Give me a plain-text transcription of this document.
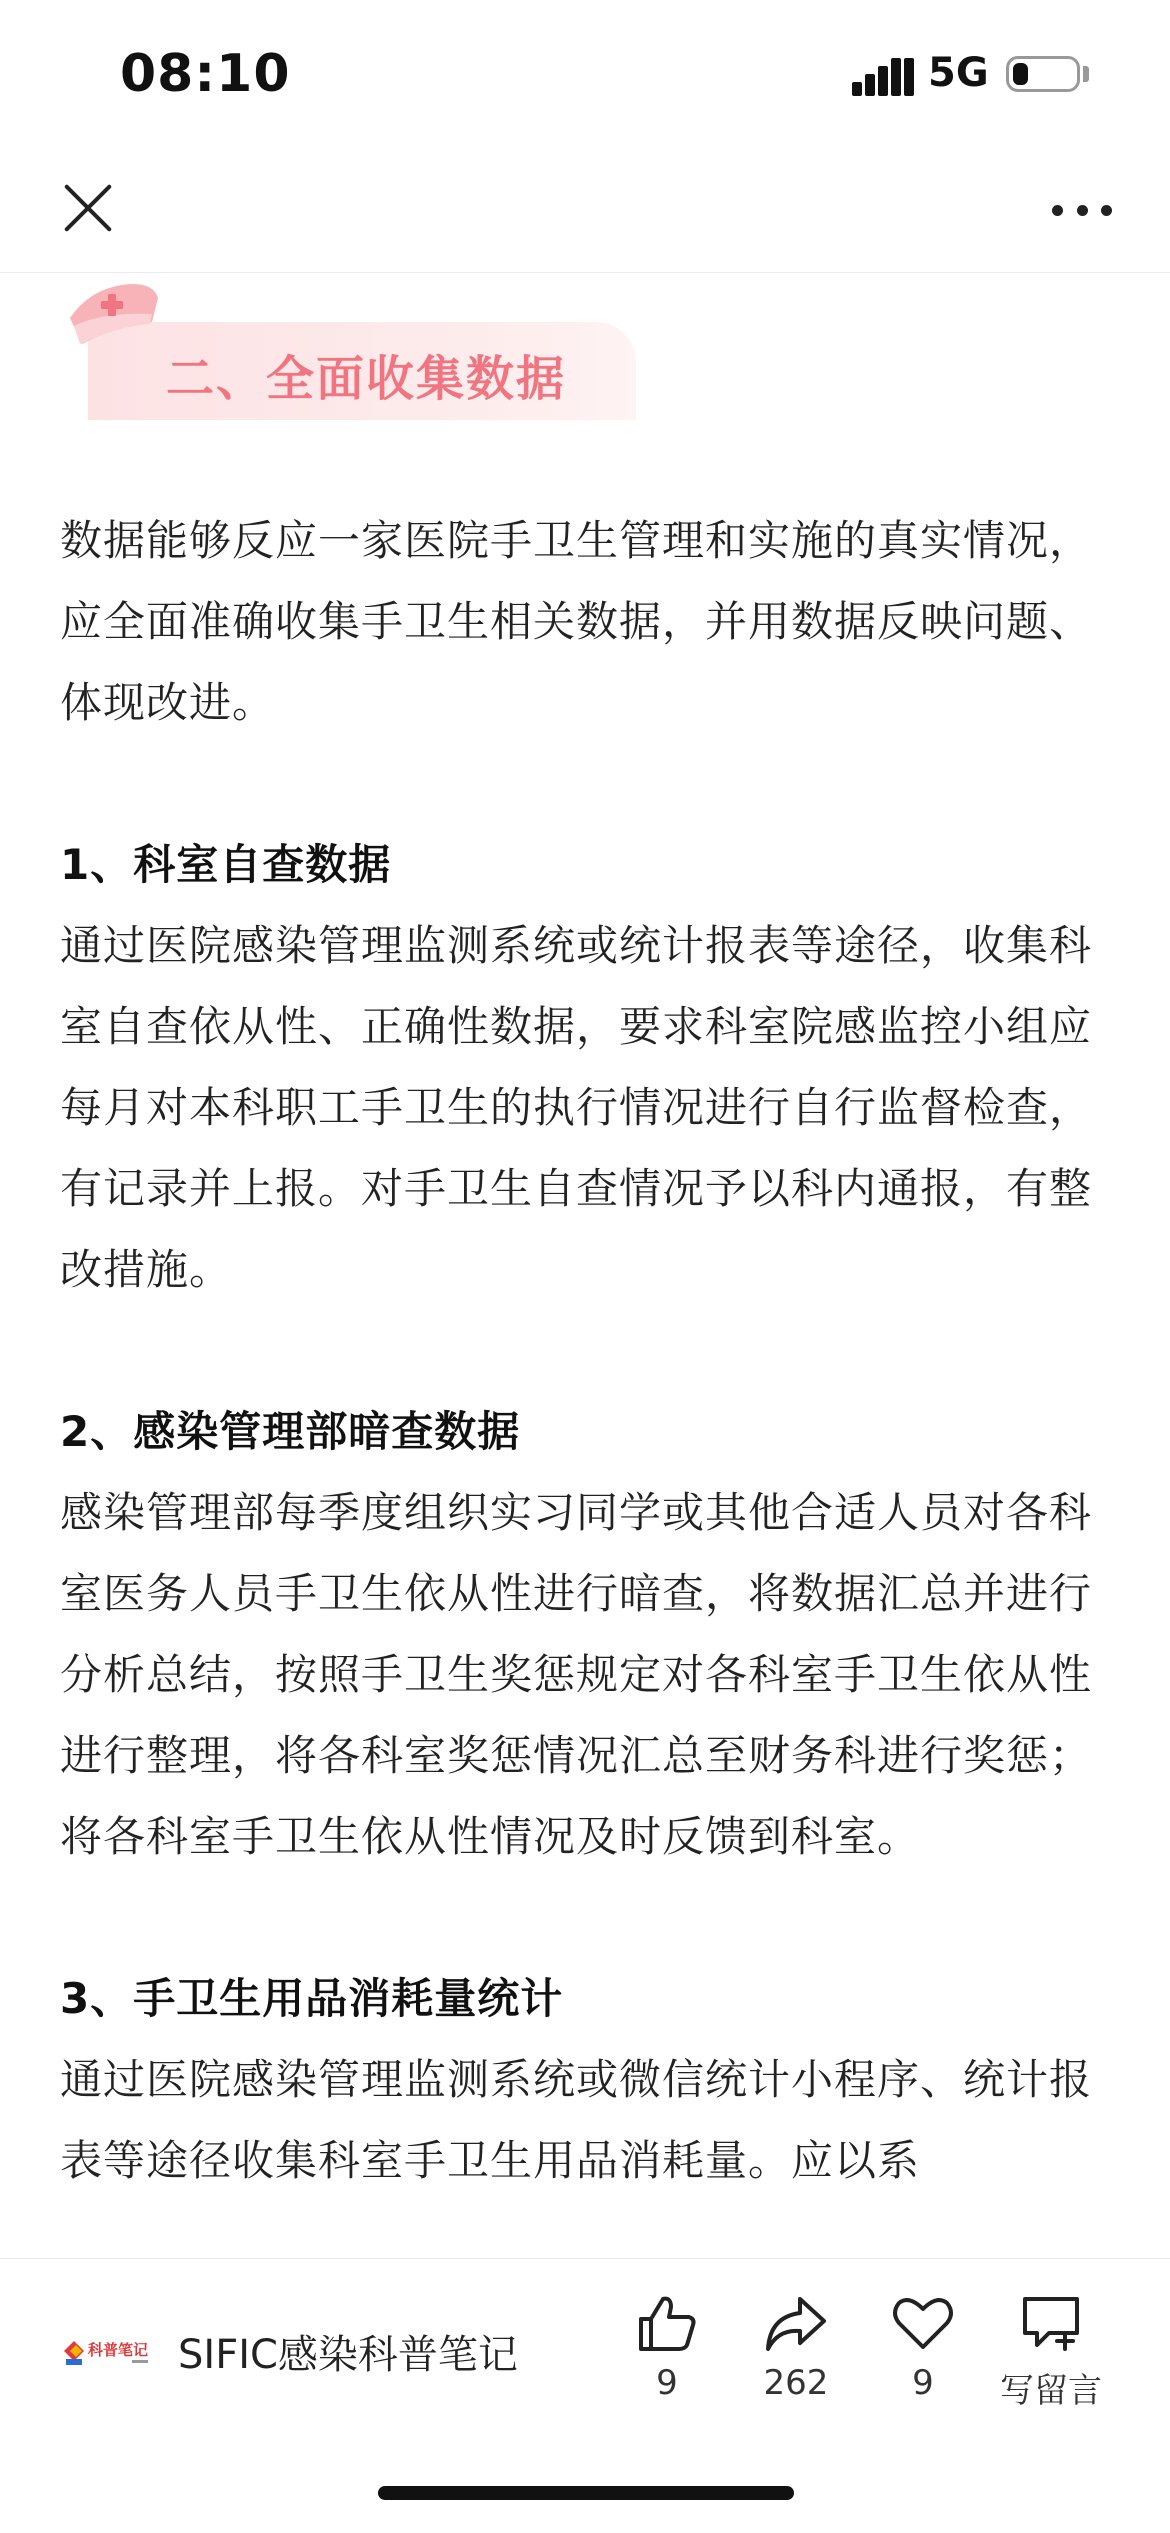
08:10	5G
二、全面收集数据

数据能够反应一家医院手卫生管理和实施的真实情况，应全面准确收集手卫生相关数据，并用数据反映问题、体现改进。

1、科室自查数据

通过医院感染管理监测系统或统计报表等途径，收集科室自查依从性、正确性数据，要求科室院感监控小组应每月对本科职工手卫生的执行情况进行自行监督检查，有记录并上报。对手卫生自查情况予以科内通报，有整改措施。

2、感染管理部暗查数据

感染管理部每季度组织实习同学或其他合适人员对各科室医务人员手卫生依从性进行暗查，将数据汇总并进行分析总结，按照手卫生奖惩规定对各科室手卫生依从性进行整理，将各科室奖惩情况汇总至财务科进行奖惩；将各科室手卫生依从性情况及时反馈到科室。

3、手卫生用品消耗量统计

通过医院感染管理监测系统或微信统计小程序、统计报表等途径收集科室手卫生用品消耗量。应以系

科普笔记 SIFIC感染科普笔记
9	262	9	写留言
